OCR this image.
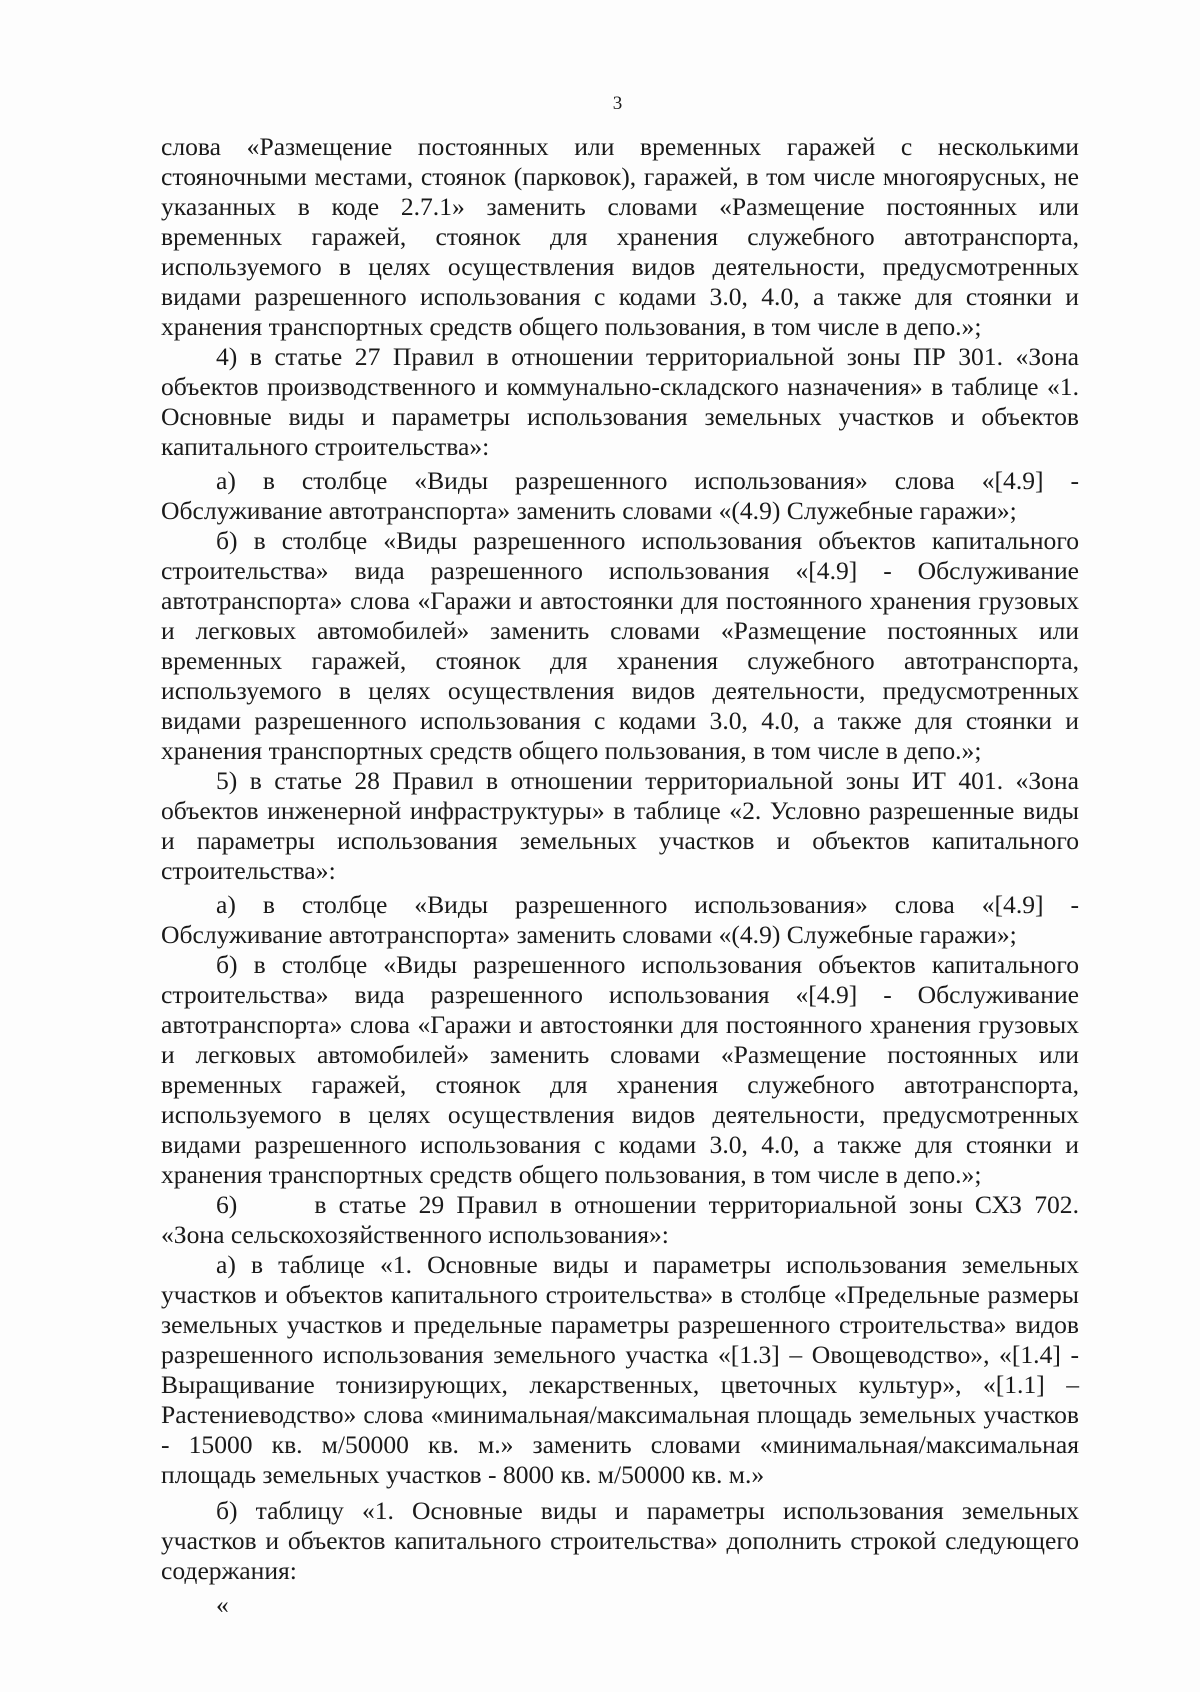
3

слова «Размещение постоянных или временных гаражей с несколькими стояночными местами, стоянок (парковок), гаражей, в том числе многоярусных, не указанных в коде 2.7.1» заменить словами «Размещение постоянных или временных гаражей, стоянок для хранения служебного автотранспорта, используемого в целях осуществления видов деятельности, предусмотренных видами разрешенного использования с кодами 3.0, 4.0, а также для стоянки и хранения транспортных средств общего пользования, в том числе в депо.»;

4) в статье 27 Правил в отношении территориальной зоны ПР 301. «Зона объектов производственного и коммунально-складского назначения» в таблице «1. Основные виды и параметры использования земельных участков и объектов капитального строительства»:

а) в столбце «Виды разрешенного использования» слова «[4.9] - Обслуживание автотранспорта» заменить словами «(4.9) Служебные гаражи»;

б) в столбце «Виды разрешенного использования объектов капитального строительства» вида разрешенного использования «[4.9] - Обслуживание автотранспорта» слова «Гаражи и автостоянки для постоянного хранения грузовых и легковых автомобилей» заменить словами «Размещение постоянных или временных гаражей, стоянок для хранения служебного автотранспорта, используемого в целях осуществления видов деятельности, предусмотренных видами разрешенного использования с кодами 3.0, 4.0, а также для стоянки и хранения транспортных средств общего пользования, в том числе в депо.»;

5) в статье 28 Правил в отношении территориальной зоны ИТ 401. «Зона объектов инженерной инфраструктуры» в таблице «2. Условно разрешенные виды и параметры использования земельных участков и объектов капитального строительства»:

а) в столбце «Виды разрешенного использования» слова «[4.9] - Обслуживание автотранспорта» заменить словами «(4.9) Служебные гаражи»;

б) в столбце «Виды разрешенного использования объектов капитального строительства» вида разрешенного использования «[4.9] - Обслуживание автотранспорта» слова «Гаражи и автостоянки для постоянного хранения грузовых и легковых автомобилей» заменить словами «Размещение постоянных или временных гаражей, стоянок для хранения служебного автотранспорта, используемого в целях осуществления видов деятельности, предусмотренных видами разрешенного использования с кодами 3.0, 4.0, а также для стоянки и хранения транспортных средств общего пользования, в том числе в депо.»;

6)	в статье 29 Правил в отношении территориальной зоны СХЗ 702. «Зона сельскохозяйственного использования»:

а) в таблице «1. Основные виды и параметры использования земельных участков и объектов капитального строительства» в столбце «Предельные размеры земельных участков и предельные параметры разрешенного строительства» видов разрешенного использования земельного участка «[1.3] – Овощеводство», «[1.4] - Выращивание тонизирующих, лекарственных, цветочных культур», «[1.1] – Растениеводство» слова «минимальная/максимальная площадь земельных участков - 15000 кв. м/50000 кв. м.» заменить словами «минимальная/максимальная площадь земельных участков - 8000 кв. м/50000 кв. м.»

б) таблицу «1. Основные виды и параметры использования земельных участков и объектов капитального строительства» дополнить строкой следующего содержания:

«
